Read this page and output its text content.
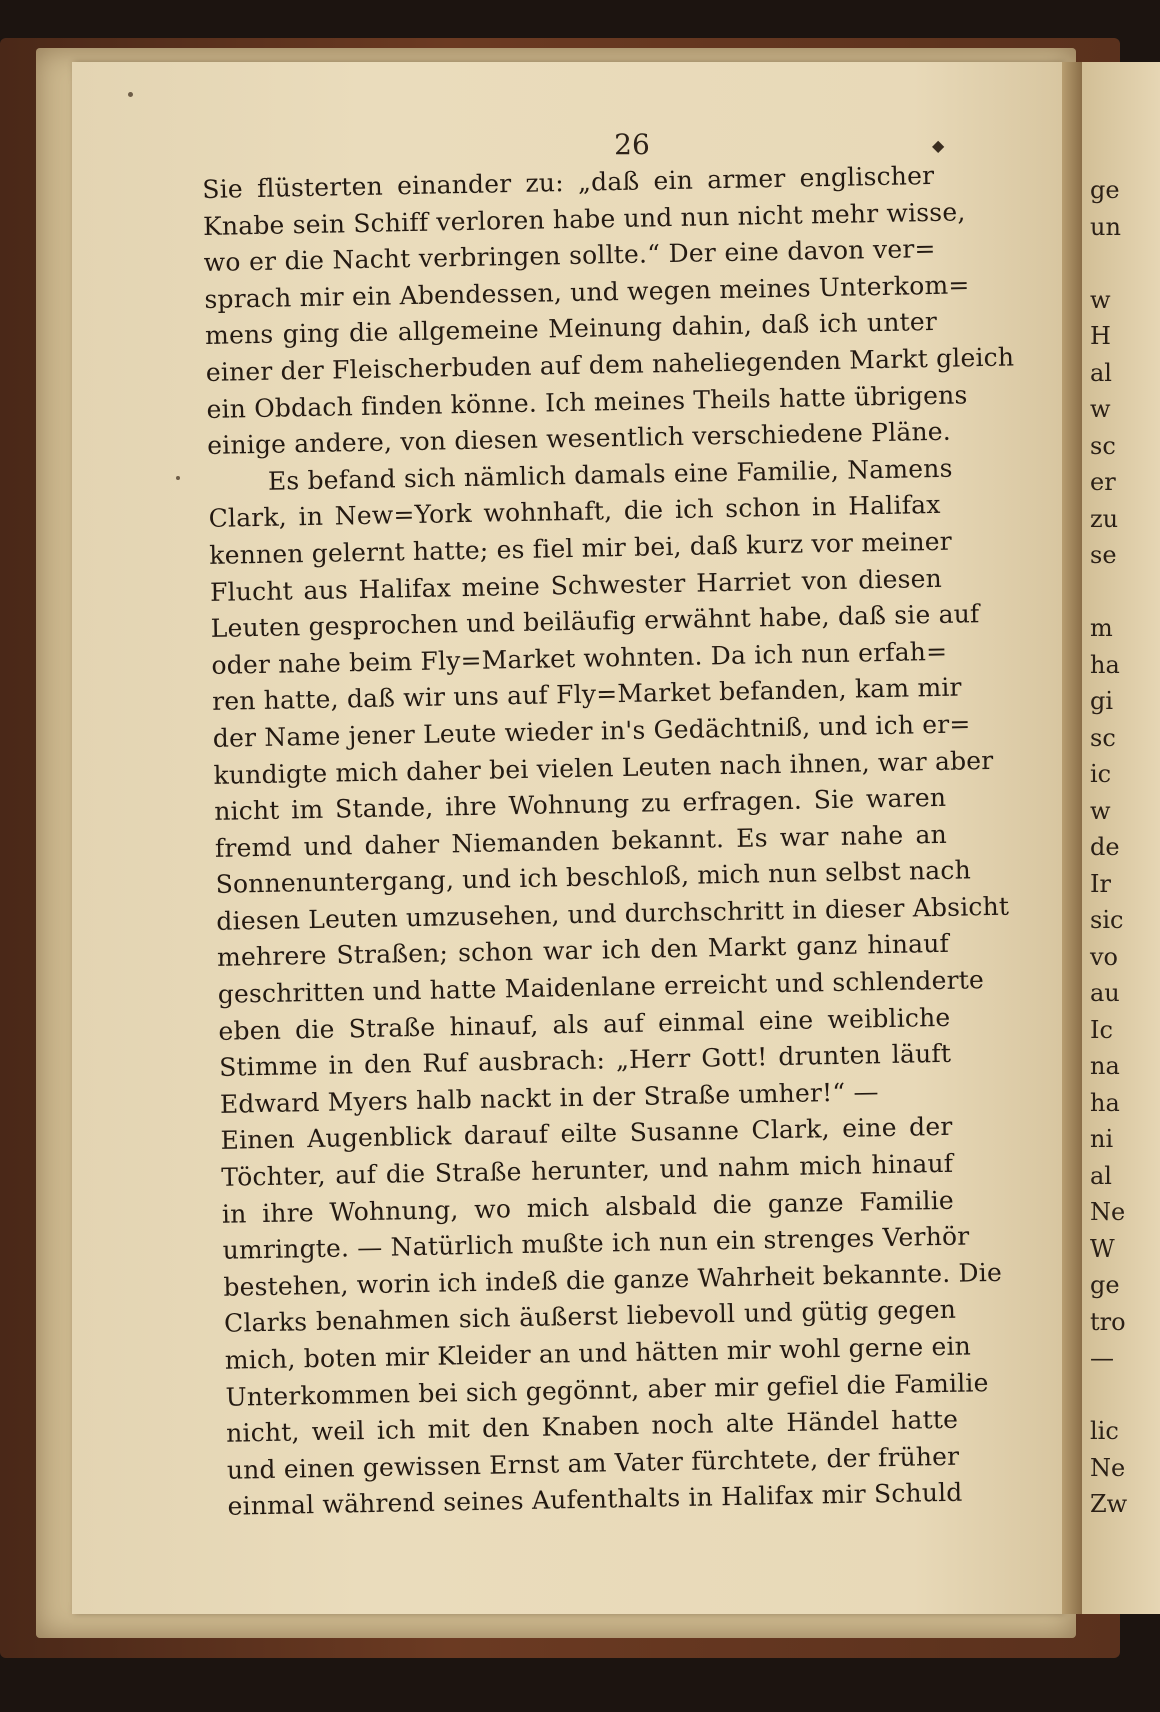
26	◆
Sie flüsterten einander zu: „daß ein armer englischer
Knabe sein Schiff verloren habe und nun nicht mehr wisse,
wo er die Nacht verbringen sollte.“ Der eine davon ver=
sprach mir ein Abendessen, und wegen meines Unterkom=
mens ging die allgemeine Meinung dahin, daß ich unter
einer der Fleischerbuden auf dem naheliegenden Markt gleich
ein Obdach finden könne. Ich meines Theils hatte übrigens
einige andere, von diesen wesentlich verschiedene Pläne.
Es befand sich nämlich damals eine Familie, Namens
Clark, in New=York wohnhaft, die ich schon in Halifax
kennen gelernt hatte; es fiel mir bei, daß kurz vor meiner
Flucht aus Halifax meine Schwester Harriet von diesen
Leuten gesprochen und beiläufig erwähnt habe, daß sie auf
oder nahe beim Fly=Market wohnten. Da ich nun erfah=
ren hatte, daß wir uns auf Fly=Market befanden, kam mir
der Name jener Leute wieder in's Gedächtniß, und ich er=
kundigte mich daher bei vielen Leuten nach ihnen, war aber
nicht im Stande, ihre Wohnung zu erfragen. Sie waren
fremd und daher Niemanden bekannt. Es war nahe an
Sonnenuntergang, und ich beschloß, mich nun selbst nach
diesen Leuten umzusehen, und durchschritt in dieser Absicht
mehrere Straßen; schon war ich den Markt ganz hinauf
geschritten und hatte Maidenlane erreicht und schlenderte
eben die Straße hinauf, als auf einmal eine weibliche
Stimme in den Ruf ausbrach: „Herr Gott! drunten läuft
Edward Myers halb nackt in der Straße umher!“ —
Einen Augenblick darauf eilte Susanne Clark, eine der
Töchter, auf die Straße herunter, und nahm mich hinauf
in ihre Wohnung, wo mich alsbald die ganze Familie
umringte. — Natürlich mußte ich nun ein strenges Verhör
bestehen, worin ich indeß die ganze Wahrheit bekannte. Die
Clarks benahmen sich äußerst liebevoll und gütig gegen
mich, boten mir Kleider an und hätten mir wohl gerne ein
Unterkommen bei sich gegönnt, aber mir gefiel die Familie
nicht, weil ich mit den Knaben noch alte Händel hatte
und einen gewissen Ernst am Vater fürchtete, der früher
einmal während seines Aufenthalts in Halifax mir Schuld
ge
un
w
H
al
w
sc
er
zu
se
m
ha
gi
sc
ic
w
de
Ir
sic
vo
au
Ic
na
ha
ni
al
Ne
W
ge
tro
—
lic
Ne
Zw
